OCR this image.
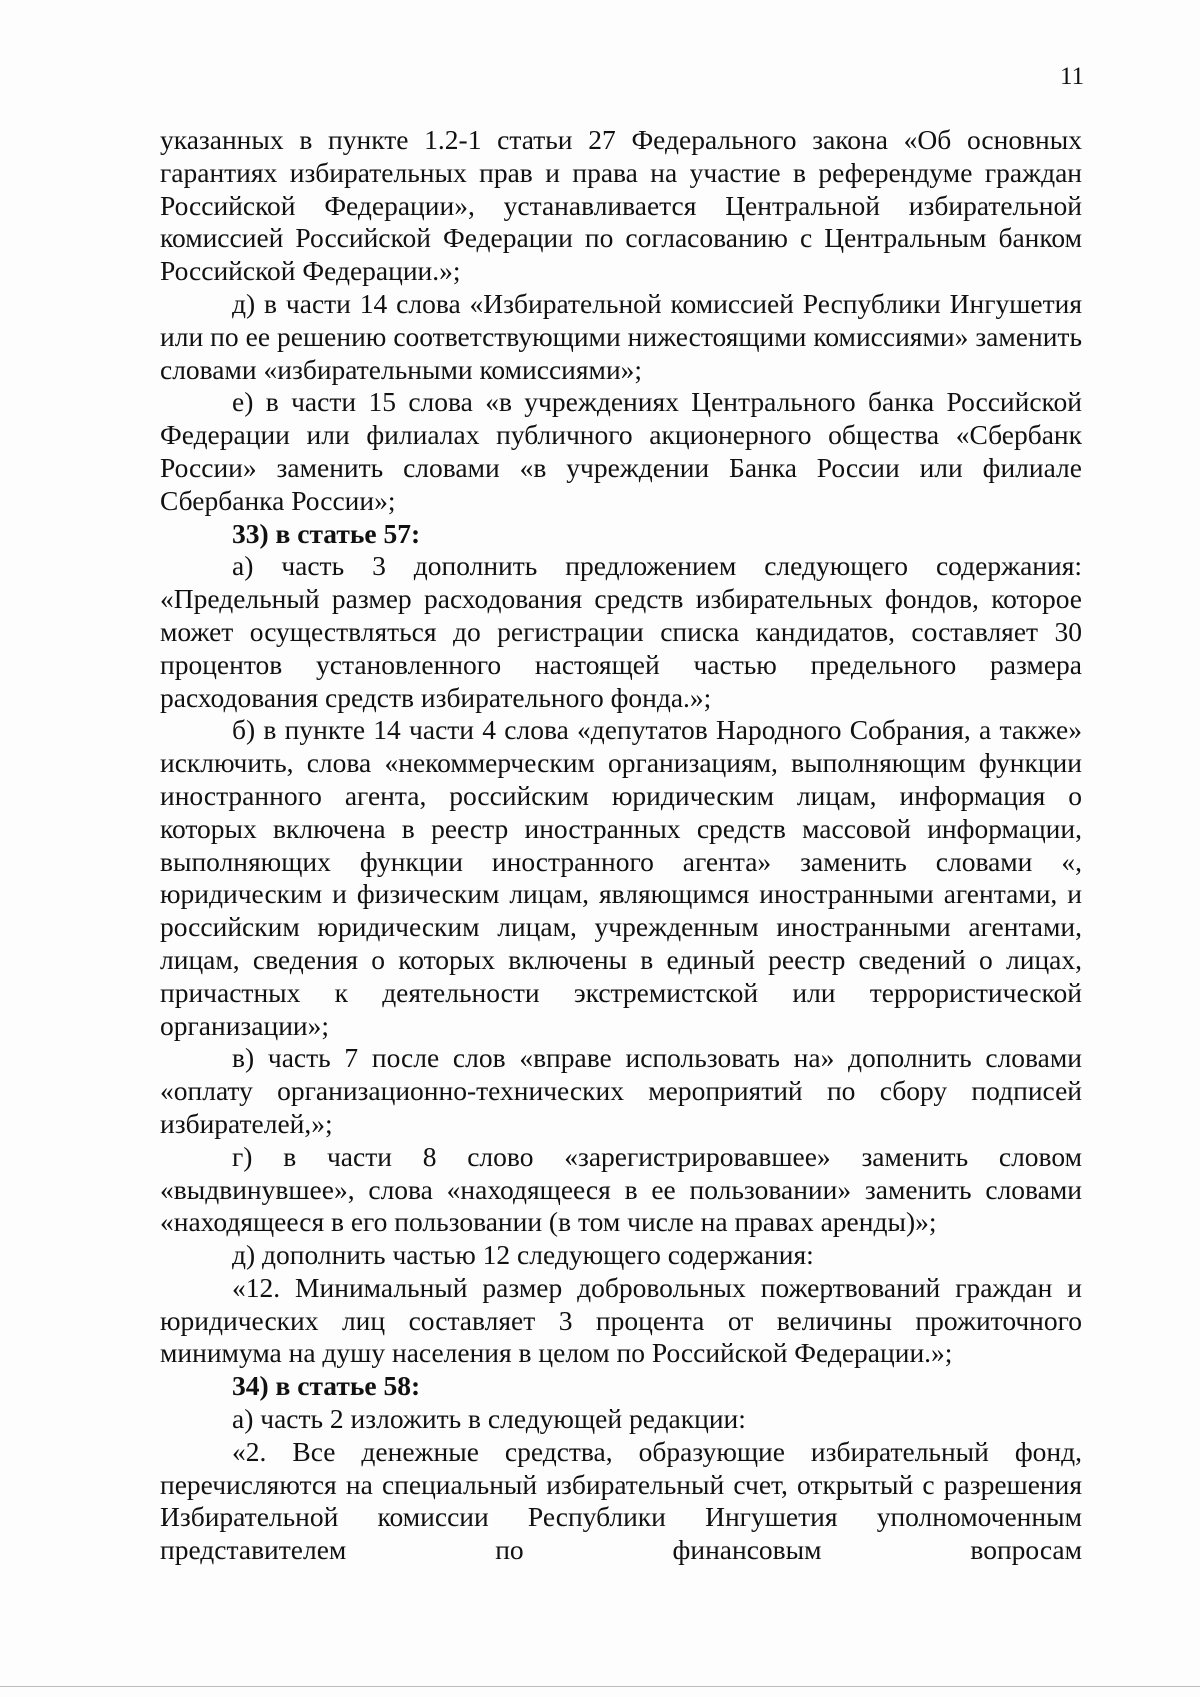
11

указанных в пункте 1.2-1 статьи 27 Федерального закона «Об основных гарантиях избирательных прав и права на участие в референдуме граждан Российской Федерации», устанавливается Центральной избирательной комиссией Российской Федерации по согласованию с Центральным банком Российской Федерации.»;

д) в части 14 слова «Избирательной комиссией Республики Ингушетия или по ее решению соответствующими нижестоящими комиссиями» заменить словами «избирательными комиссиями»;

е) в части 15 слова «в учреждениях Центрального банка Российской Федерации или филиалах публичного акционерного общества «Сбербанк России» заменить словами «в учреждении Банка России или филиале Сбербанка России»;

33) в статье 57:

а) часть 3 дополнить предложением следующего содержания: «Предельный размер расходования средств избирательных фондов, которое может осуществляться до регистрации списка кандидатов, составляет 30 процентов установленного настоящей частью предельного размера расходования средств избирательного фонда.»;

б) в пункте 14 части 4 слова «депутатов Народного Собрания, а также» исключить, слова «некоммерческим организациям, выполняющим функции иностранного агента, российским юридическим лицам, информация о которых включена в реестр иностранных средств массовой информации, выполняющих функции иностранного агента» заменить словами «, юридическим и физическим лицам, являющимся иностранными агентами, и российским юридическим лицам, учрежденным иностранными агентами, лицам, сведения о которых включены в единый реестр сведений о лицах, причастных к деятельности экстремистской или террористической организации»;

в) часть 7 после слов «вправе использовать на» дополнить словами «оплату организационно-технических мероприятий по сбору подписей избирателей,»;

г) в части 8 слово «зарегистрировавшее» заменить словом «выдвинувшее», слова «находящееся в ее пользовании» заменить словами «находящееся в его пользовании (в том числе на правах аренды)»;

д) дополнить частью 12 следующего содержания:

«12. Минимальный размер добровольных пожертвований граждан и юридических лиц составляет 3 процента от величины прожиточного минимума на душу населения в целом по Российской Федерации.»;

34) в статье 58:

а) часть 2 изложить в следующей редакции:

«2. Все денежные средства, образующие избирательный фонд, перечисляются на специальный избирательный счет, открытый с разрешения Избирательной комиссии Республики Ингушетия уполномоченным представителем по финансовым вопросам
